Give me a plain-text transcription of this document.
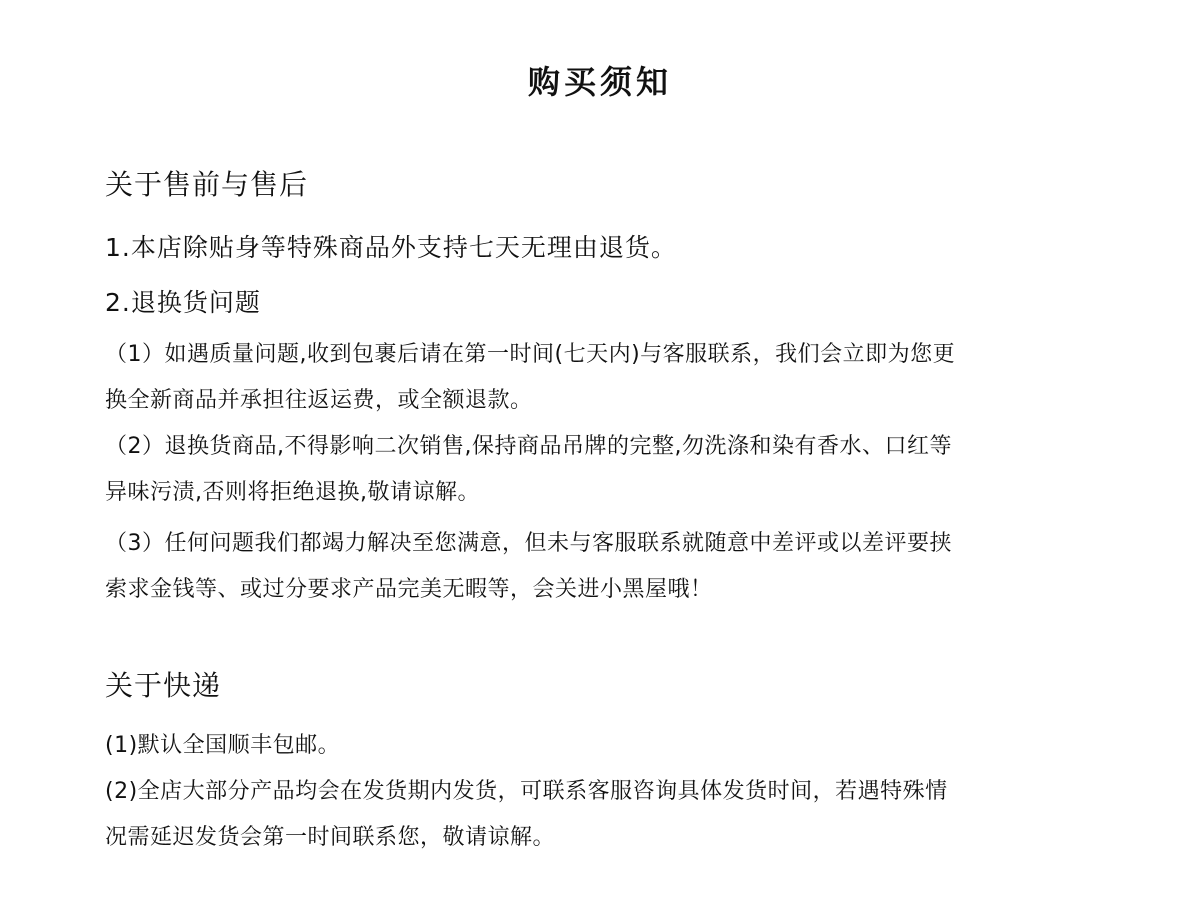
购买须知
关于售前与售后
1.本店除贴身等特殊商品外支持七天无理由退货。
2.退换货问题
（1）如遇质量问题,收到包裹后请在第一时间(七天内)与客服联系，我们会立即为您更
换全新商品并承担往返运费，或全额退款。
（2）退换货商品,不得影响二次销售,保持商品吊牌的完整,勿洗涤和染有香水、口红等
异味污渍,否则将拒绝退换,敬请谅解。
（3）任何问题我们都竭力解决至您满意，但未与客服联系就随意中差评或以差评要挟
索求金钱等、或过分要求产品完美无暇等，会关进小黑屋哦！
关于快递
(1)默认全国顺丰包邮。
(2)全店大部分产品均会在发货期内发货，可联系客服咨询具体发货时间，若遇特殊情
况需延迟发货会第一时间联系您，敬请谅解。
